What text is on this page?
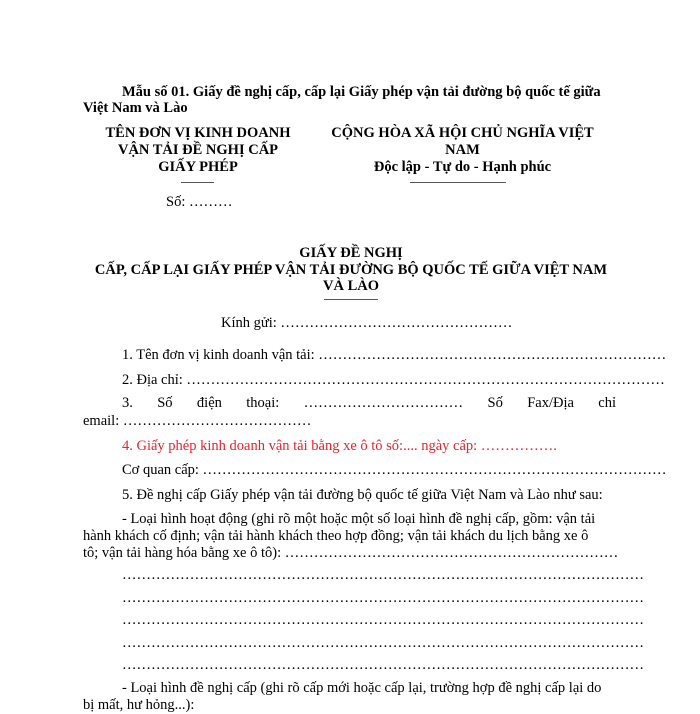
Mẫu số 01. Giấy đề nghị cấp, cấp lại Giấy phép vận tải đường bộ quốc tế giữa
Việt Nam và Lào
TÊN ĐƠN VỊ KINH DOANH
VẬN TẢI ĐỀ NGHỊ CẤP
GIẤY PHÉP
Số: ………
CỘNG HÒA XÃ HỘI CHỦ NGHĨA VIỆT
NAM
Độc lập - Tự do - Hạnh phúc
GIẤY ĐỀ NGHỊ
CẤP, CẤP LẠI GIẤY PHÉP VẬN TẢI ĐƯỜNG BỘ QUỐC TẾ GIỮA VIỆT NAM
VÀ LÀO
Kính gửi: …………………………………………
1. Tên đơn vị kinh doanh vận tải: ………………………………………………………………
2. Địa chỉ: ………………………………………………………………………………………
3. Số điện thoại: …………………………… Số Fax/Địa chỉ
email: …………………………………
4. Giấy phép kinh doanh vận tải bằng xe ô tô số:.... ngày cấp: …………….
Cơ quan cấp: ……………………………………………………………………………………
5. Đề nghị cấp Giấy phép vận tải đường bộ quốc tế giữa Việt Nam và Lào như sau:
- Loại hình hoạt động (ghi rõ một hoặc một số loại hình đề nghị cấp, gồm: vận tải
hành khách cố định; vận tải hành khách theo hợp đồng; vận tải khách du lịch bằng xe ô
tô; vận tải hàng hóa bằng xe ô tô): ……………………………………………………………
………………………………………………………………………………………………
………………………………………………………………………………………………
………………………………………………………………………………………………
………………………………………………………………………………………………
………………………………………………………………………………………………
- Loại hình đề nghị cấp (ghi rõ cấp mới hoặc cấp lại, trường hợp đề nghị cấp lại do
bị mất, hư hỏng...):
